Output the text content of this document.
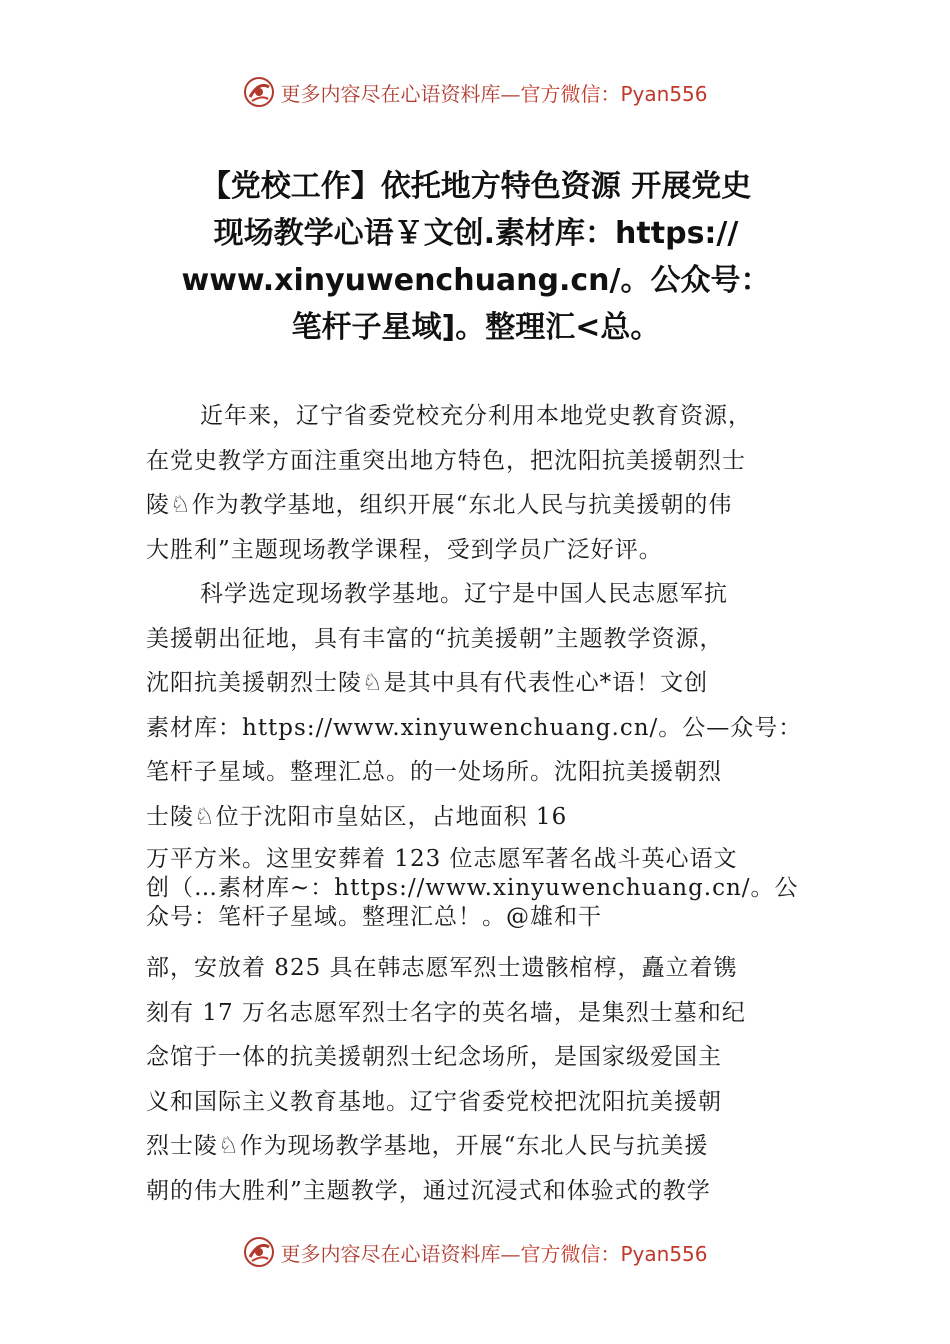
更多内容尽在心语资料库—官方微信：Pyan556
【党校工作】依托地方特色资源 开展党史
现场教学心语￥文创.素材库：https://
www.xinyuwenchuang.cn/。公众号：
笔杆子星域]。整理汇<总。
近年来，辽宁省委党校充分利用本地党史教育资源，
在党史教学方面注重突出地方特色，把沈阳抗美援朝烈士
陵♘作为教学基地，组织开展“东北人民与抗美援朝的伟
大胜利”主题现场教学课程，受到学员广泛好评。
科学选定现场教学基地。辽宁是中国人民志愿军抗
美援朝出征地，具有丰富的“抗美援朝”主题教学资源，
沈阳抗美援朝烈士陵♘是其中具有代表性心*语！文创
素材库：https://www.xinyuwenchuang.cn/。公—众号：
笔杆子星域。整理汇总。的一处场所。沈阳抗美援朝烈
士陵♘位于沈阳市皇姑区，占地面积 16
万平方米。这里安葬着 123 位志愿军著名战斗英心语文
创（…素材库~：https://www.xinyuwenchuang.cn/。公
众号：笔杆子星域。整理汇总！。@雄和干
部，安放着 825 具在韩志愿军烈士遗骸棺椁，矗立着镌
刻有 17 万名志愿军烈士名字的英名墙，是集烈士墓和纪
念馆于一体的抗美援朝烈士纪念场所，是国家级爱国主
义和国际主义教育基地。辽宁省委党校把沈阳抗美援朝
烈士陵♘作为现场教学基地，开展“东北人民与抗美援
朝的伟大胜利”主题教学，通过沉浸式和体验式的教学
更多内容尽在心语资料库—官方微信：Pyan556
